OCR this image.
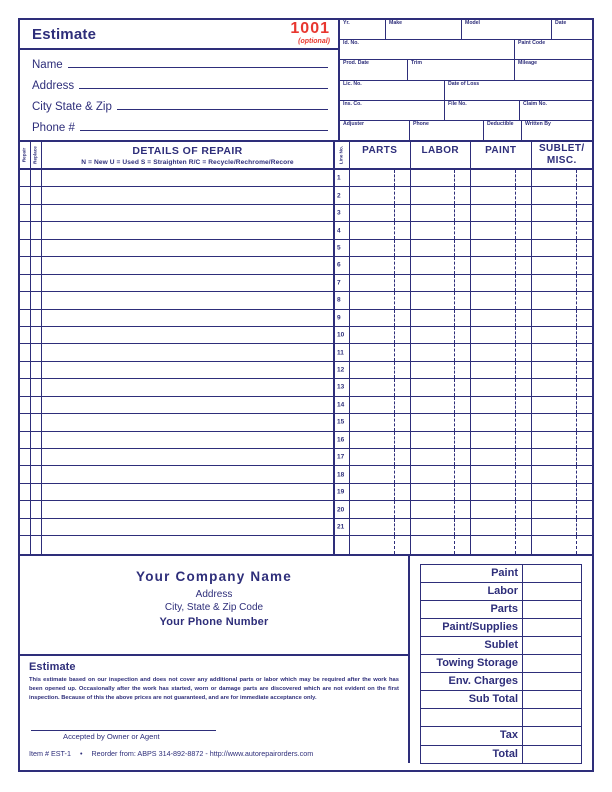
Estimate	1001
(optional)
Name
Address
City State & Zip
Phone #
Yr.	Make	Model	Date
Id. No.	Paint Code
Prod. Date	Trim	Mileage
Lic. No.	Date of Loss
Ins. Co.	File No.	Claim No.
Adjuster	Phone	Deductible	Written By
Repair Replace	DETAILS OF REPAIR
N = New U = Used S = Straighten R/C = Recycle/Rechrome/Recore	Line No.	PARTS	LABOR	PAINT	SUBLET/ MISC.
1
2
3
4
5
6
7
8
9
10
11
12
13
14
15
16
17
18
19
20
21
Your Company Name
Address
City, State & Zip Code
Your Phone Number
Estimate
This estimate based on our inspection and does not cover any additional parts or labor which may be required after the work has been opened up. Occasionally after the work has started, worn or damage parts are discovered which are not evident on the first inspection. Because of this the above prices are not guaranteed, and are for immediate acceptance only.
Accepted by Owner or Agent
Item # EST-1 • Reorder from: ABPS 314-892-8872 - http://www.autorepairorders.com
Paint
Labor
Parts
Paint/Supplies
Sublet
Towing Storage
Env. Charges
Sub Total
Tax
Total
